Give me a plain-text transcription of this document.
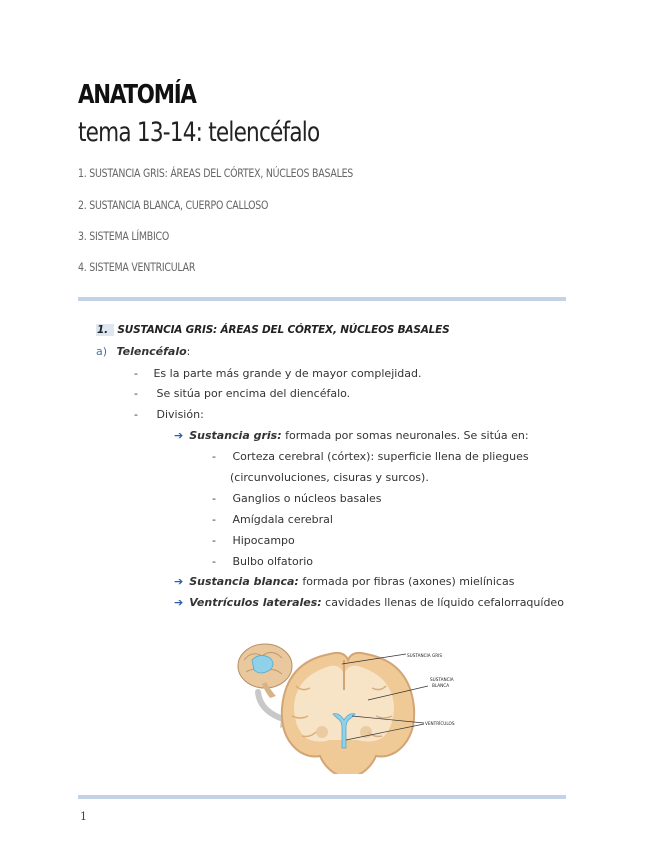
ANATOMÍA
tema 13-14: telencéfalo
1. SUSTANCIA GRIS: ÁREAS DEL CÓRTEX, NÚCLEOS BASALES
2. SUSTANCIA BLANCA, CUERPO CALLOSO
3. SISTEMA LÍMBICO
4. SISTEMA VENTRICULAR
1. SUSTANCIA GRIS: ÁREAS DEL CÓRTEX, NÚCLEOS BASALES
a) Telencéfalo:
- Es la parte más grande y de mayor complejidad.
- Se sitúa por encima del diencéfalo.
- División:
➔ Sustancia gris: formada por somas neuronales. Se sitúa en:
- Corteza cerebral (córtex): superficie llena de pliegues
(circunvoluciones, cisuras y surcos).
- Ganglios o núcleos basales
- Amígdala cerebral
- Hipocampo
- Bulbo olfatorio
➔ Sustancia blanca: formada por fibras (axones) mielínicas
➔ Ventrículos laterales: cavidades llenas de líquido cefalorraquídeo
SUSTANCIA GRIS
SUSTANCIA
BLANCA
VENTRÍCULOS
1
